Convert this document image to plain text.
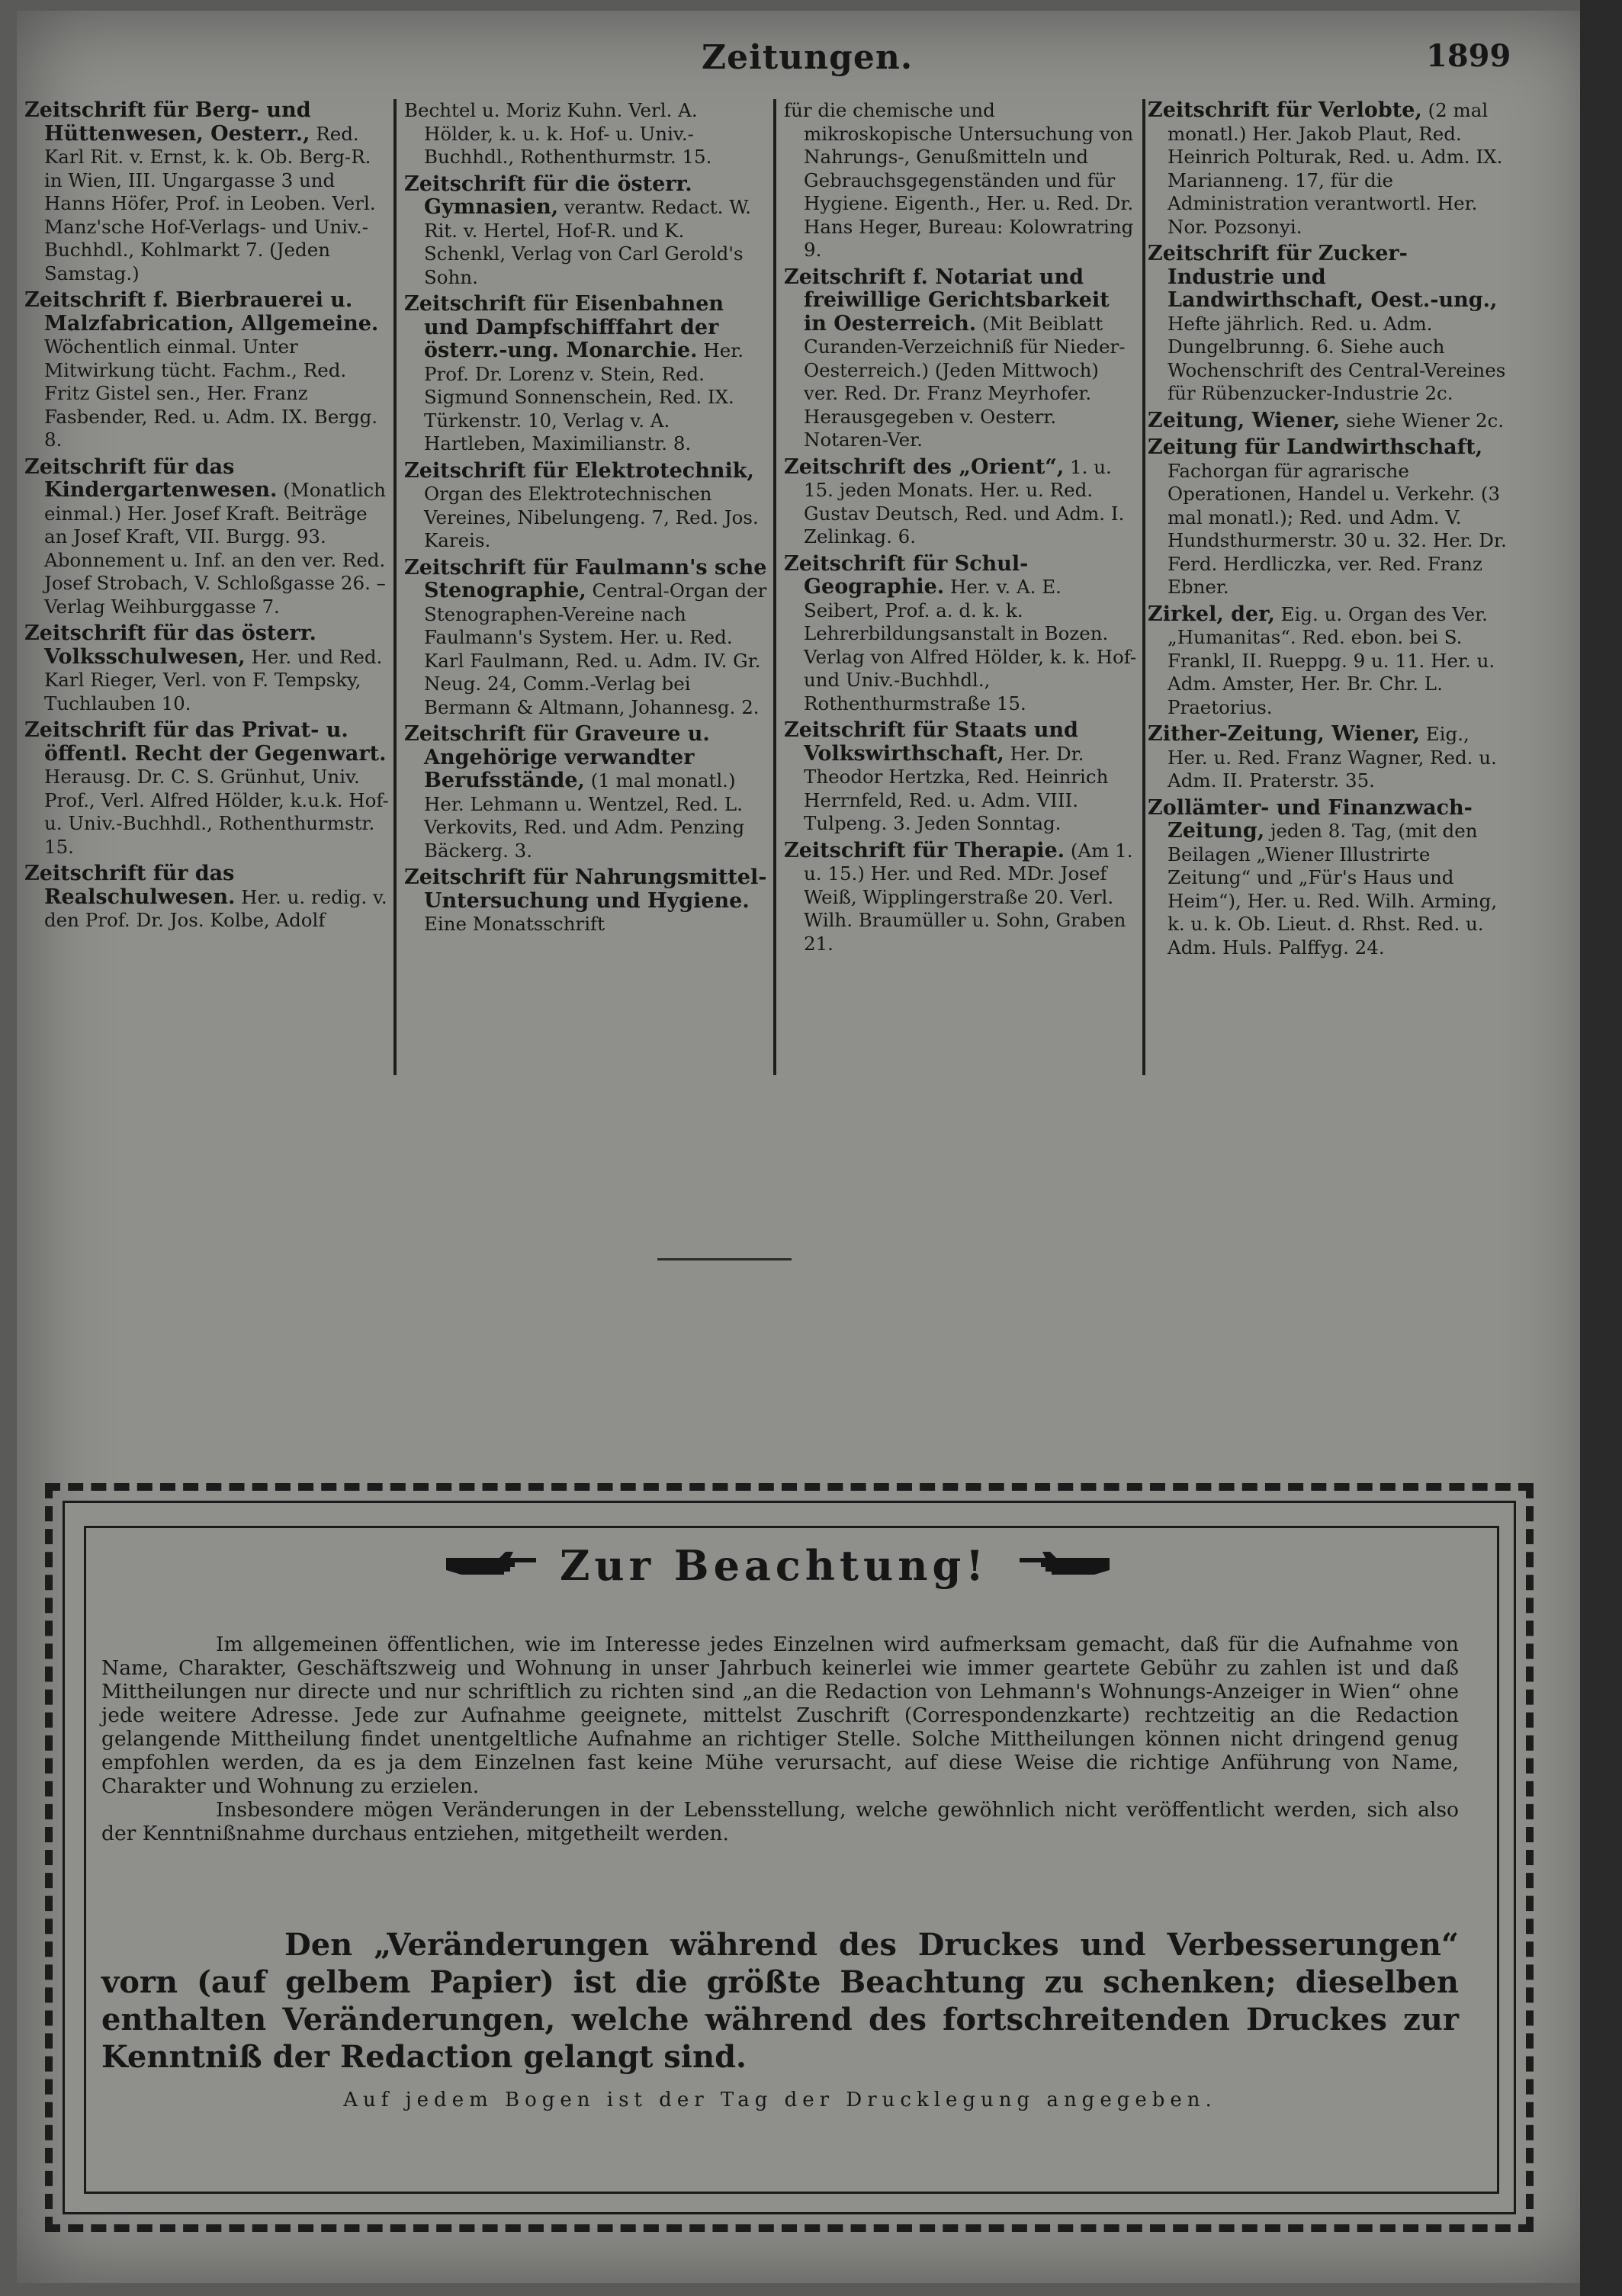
Zeitungen.	1899

Zeitschrift für Berg- und Hüttenwesen, Oesterr., Red. Karl Rit. v. Ernst, k. k. Ob. Berg-R. in Wien, III. Ungargasse 3 und Hanns Höfer, Prof. in Leoben. Verl. Manz'sche Hof-Verlags- und Univ.-Buchhdl., Kohlmarkt 7. (Jeden Samstag.)

Zeitschrift f. Bierbrauerei u. Malzfabrication, Allgemeine. Wöchentlich einmal. Unter Mitwirkung tücht. Fachm., Red. Fritz Gistel sen., Her. Franz Fasbender, Red. u. Adm. IX. Bergg. 8.

Zeitschrift für das Kindergartenwesen. (Monatlich einmal.) Her. Josef Kraft. Beiträge an Josef Kraft, VII. Burgg. 93. Abonnement u. Inf. an den ver. Red. Josef Strobach, V. Schloßgasse 26. – Verlag Weihburggasse 7.

Zeitschrift für das österr. Volksschulwesen, Her. und Red. Karl Rieger, Verl. von F. Tempsky, Tuchlauben 10.

Zeitschrift für das Privat- u. öffentl. Recht der Gegenwart. Herausg. Dr. C. S. Grünhut, Univ. Prof., Verl. Alfred Hölder, k.u.k. Hof- u. Univ.-Buchhdl., Rothenthurmstr. 15.

Zeitschrift für das Realschulwesen. Her. u. redig. v. den Prof. Dr. Jos. Kolbe, Adolf

Bechtel u. Moriz Kuhn. Verl. A. Hölder, k. u. k. Hof- u. Univ.-Buchhdl., Rothenthurmstr. 15.

Zeitschrift für die österr. Gymnasien, verantw. Redact. W. Rit. v. Hertel, Hof-R. und K. Schenkl, Verlag von Carl Gerold's Sohn.

Zeitschrift für Eisenbahnen und Dampfschifffahrt der österr.-ung. Monarchie. Her. Prof. Dr. Lorenz v. Stein, Red. Sigmund Sonnenschein, Red. IX. Türkenstr. 10, Verlag v. A. Hartleben, Maximilianstr. 8.

Zeitschrift für Elektrotechnik, Organ des Elektrotechnischen Vereines, Nibelungeng. 7, Red. Jos. Kareis.

Zeitschrift für Faulmann's sche Stenographie, Central-Organ der Stenographen-Vereine nach Faulmann's System. Her. u. Red. Karl Faulmann, Red. u. Adm. IV. Gr. Neug. 24, Comm.-Verlag bei Bermann & Altmann, Johannesg. 2.

Zeitschrift für Graveure u. Angehörige verwandter Berufsstände, (1 mal monatl.) Her. Lehmann u. Wentzel, Red. L. Verkovits, Red. und Adm. Penzing Bäckerg. 3.

Zeitschrift für Nahrungsmittel-Untersuchung und Hygiene. Eine Monatsschrift

für die chemische und mikroskopische Untersuchung von Nahrungs-, Genußmitteln und Gebrauchsgegenständen und für Hygiene. Eigenth., Her. u. Red. Dr. Hans Heger, Bureau: Kolowratring 9.

Zeitschrift f. Notariat und freiwillige Gerichtsbarkeit in Oesterreich. (Mit Beiblatt Curanden-Verzeichniß für Nieder-Oesterreich.) (Jeden Mittwoch) ver. Red. Dr. Franz Meyrhofer. Herausgegeben v. Oesterr. Notaren-Ver.

Zeitschrift des „Orient“, 1. u. 15. jeden Monats. Her. u. Red. Gustav Deutsch, Red. und Adm. I. Zelinkag. 6.

Zeitschrift für Schul-Geographie. Her. v. A. E. Seibert, Prof. a. d. k. k. Lehrerbildungsanstalt in Bozen. Verlag von Alfred Hölder, k. k. Hof- und Univ.-Buchhdl., Rothenthurmstraße 15.

Zeitschrift für Staats und Volkswirthschaft, Her. Dr. Theodor Hertzka, Red. Heinrich Herrnfeld, Red. u. Adm. VIII. Tulpeng. 3. Jeden Sonntag.

Zeitschrift für Therapie. (Am 1. u. 15.) Her. und Red. MDr. Josef Weiß, Wipplingerstraße 20. Verl. Wilh. Braumüller u. Sohn, Graben 21.

Zeitschrift für Verlobte, (2 mal monatl.) Her. Jakob Plaut, Red. Heinrich Polturak, Red. u. Adm. IX. Marianneng. 17, für die Administration verantwortl. Her. Nor. Pozsonyi.

Zeitschrift für Zucker-Industrie und Landwirthschaft, Oest.-ung., Hefte jährlich. Red. u. Adm. Dungelbrunng. 6. Siehe auch Wochenschrift des Central-Vereines für Rübenzucker-Industrie 2c.

Zeitung, Wiener, siehe Wiener 2c.

Zeitung für Landwirthschaft, Fachorgan für agrarische Operationen, Handel u. Verkehr. (3 mal monatl.); Red. und Adm. V. Hundsthurmerstr. 30 u. 32. Her. Dr. Ferd. Herdliczka, ver. Red. Franz Ebner.

Zirkel, der, Eig. u. Organ des Ver. „Humanitas“. Red. ebon. bei S. Frankl, II. Rueppg. 9 u. 11. Her. u. Adm. Amster, Her. Br. Chr. L. Praetorius.

Zither-Zeitung, Wiener, Eig., Her. u. Red. Franz Wagner, Red. u. Adm. II. Praterstr. 35.

Zollämter- und Finanzwach-Zeitung, jeden 8. Tag, (mit den Beilagen „Wiener Illustrirte Zeitung“ und „Für's Haus und Heim“), Her. u. Red. Wilh. Arming, k. u. k. Ob. Lieut. d. Rhst. Red. u. Adm. Huls. Palffyg. 24.

Zur Beachtung!

Im allgemeinen öffentlichen, wie im Interesse jedes Einzelnen wird aufmerksam gemacht, daß für die Aufnahme von Name, Charakter, Geschäftszweig und Wohnung in unser Jahrbuch keinerlei wie immer geartete Gebühr zu zahlen ist und daß Mittheilungen nur directe und nur schriftlich zu richten sind „an die Redaction von Lehmann's Wohnungs-Anzeiger in Wien“ ohne jede weitere Adresse. Jede zur Aufnahme geeignete, mittelst Zuschrift (Correspondenzkarte) rechtzeitig an die Redaction gelangende Mittheilung findet unentgeltliche Aufnahme an richtiger Stelle. Solche Mittheilungen können nicht dringend genug empfohlen werden, da es ja dem Einzelnen fast keine Mühe verursacht, auf diese Weise die richtige Anführung von Name, Charakter und Wohnung zu erzielen.

Insbesondere mögen Veränderungen in der Lebensstellung, welche gewöhnlich nicht veröffentlicht werden, sich also der Kenntnißnahme durchaus entziehen, mitgetheilt werden.

Den „Veränderungen während des Druckes und Verbesserungen“ vorn (auf gelbem Papier) ist die größte Beachtung zu schenken; dieselben enthalten Veränderungen, welche während des fortschreitenden Druckes zur Kenntniß der Redaction gelangt sind.

Auf jedem Bogen ist der Tag der Drucklegung angegeben.
